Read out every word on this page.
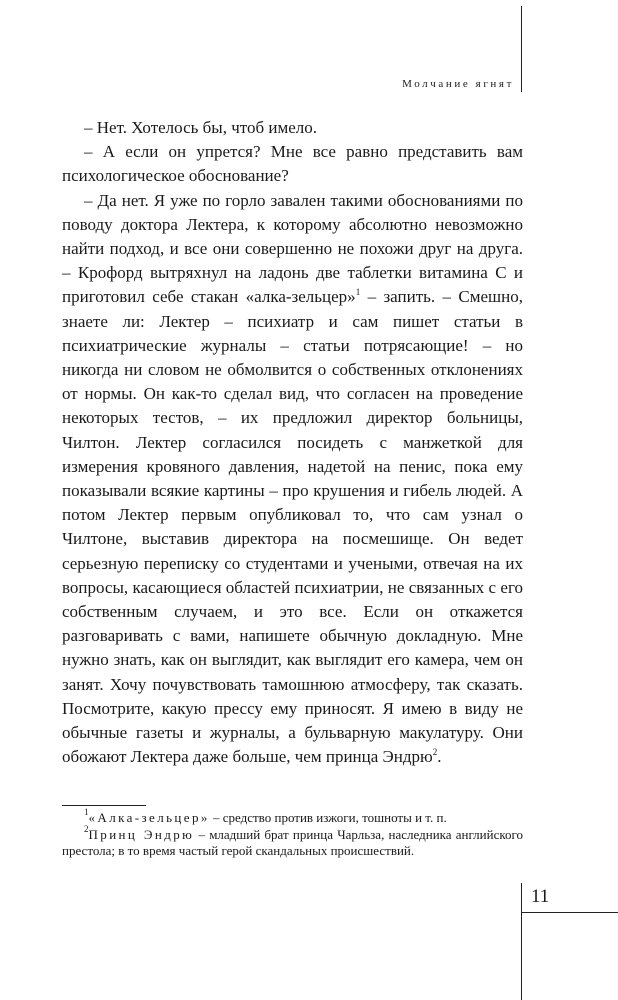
Молчание ягнят

– Нет. Хотелось бы, чтоб имело.

– А если он упрется? Мне все равно представить вам психологическое обоснование?

– Да нет. Я уже по горло завален такими обоснованиями по поводу доктора Лектера, к которому абсолютно невозможно найти подход, и все они совершенно не похожи друг на друга. – Крофорд вытряхнул на ладонь две таблетки витамина С и приготовил себе стакан «алка-зельцер»$^1$ – запить. – Смешно, знаете ли: Лектер – психиатр и сам пишет статьи в психиатрические журналы – статьи потрясающие! – но никогда ни словом не обмолвится о собственных отклонениях от нормы. Он как-то сделал вид, что согласен на проведение некоторых тестов, – их предложил директор больницы, Чилтон. Лектер согласился посидеть с манжеткой для измерения кровяного давления, надетой на пенис, пока ему показывали всякие картины – про крушения и гибель людей. А потом Лектер первым опубликовал то, что сам узнал о Чилтоне, выставив директора на посмешище. Он ведет серьезную переписку со студентами и учеными, отвечая на их вопросы, касающиеся областей психиатрии, не связанных с его собственным случаем, и это все. Если он откажется разговаривать с вами, напишете обычную докладную. Мне нужно знать, как он выглядит, как выглядит его камера, чем он занят. Хочу почувствовать тамошнюю атмосферу, так сказать. Посмотрите, какую прессу ему приносят. Я имею в виду не обычные газеты и журналы, а бульварную макулатуру. Они обожают Лектера даже больше, чем принца Эндрю$^2$.

$^1$«Алка-зельцер» – средство против изжоги, тошноты и т. п.

$^2$Принц Эндрю – младший брат принца Чарльза, наследника английского престола; в то время частый герой скандальных происшествий.

11
